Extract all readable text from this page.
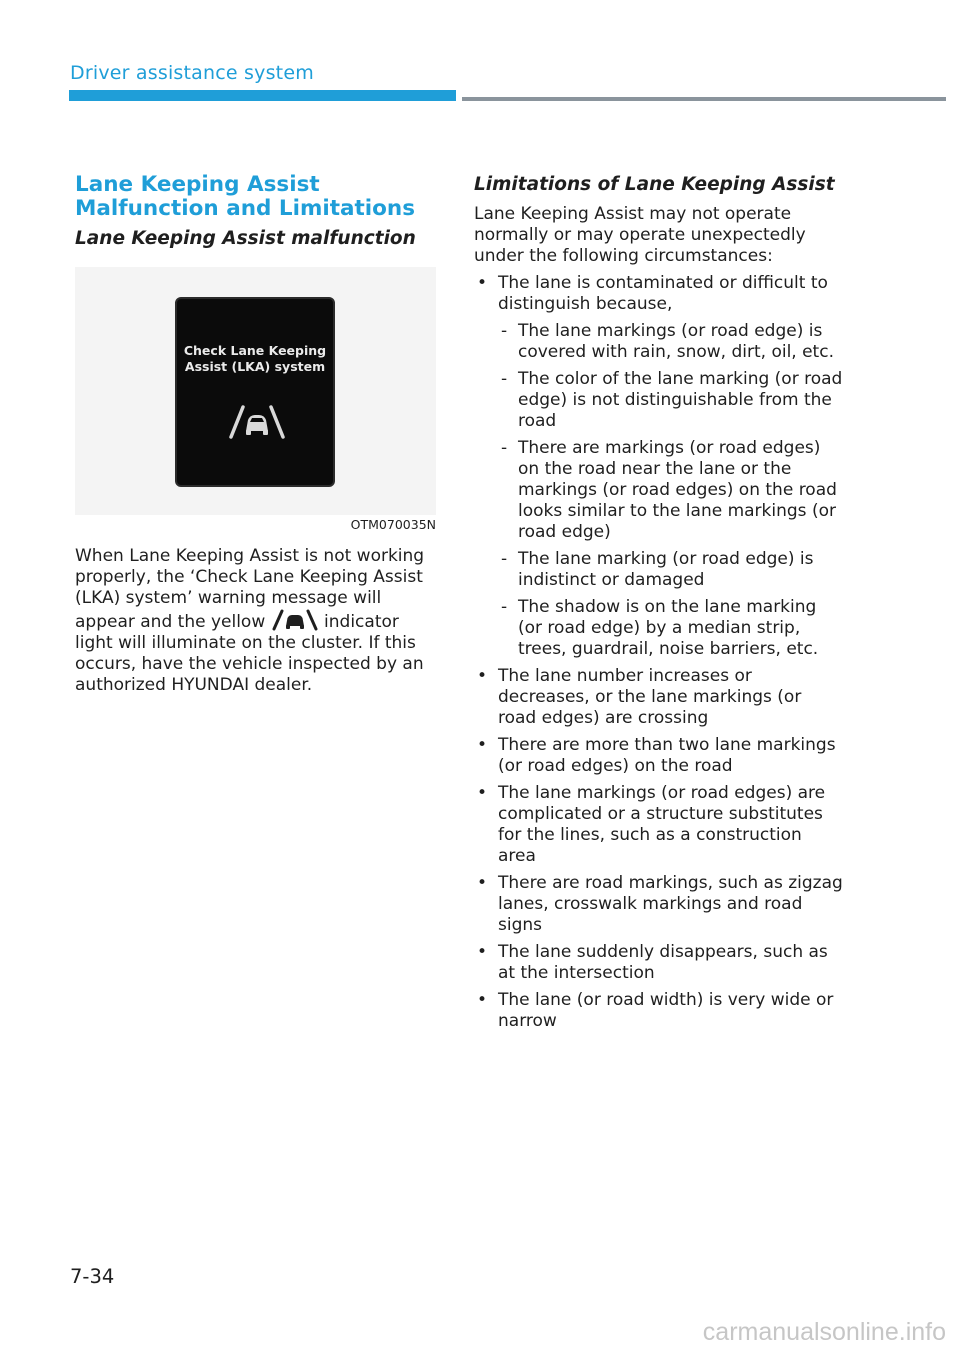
Driver assistance system
Lane Keeping Assist Malfunction and Limitations
Lane Keeping Assist malfunction
Check Lane Keeping
Assist (LKA) system
OTM070035N

When Lane Keeping Assist is not working properly, the ‘Check Lane Keeping Assist (LKA) system’ warning message will appear and the yellow	indicator light will illuminate on the cluster. If this occurs, have the vehicle inspected by an authorized HYUNDAI dealer.

Limitations of Lane Keeping Assist

Lane Keeping Assist may not operate normally or may operate unexpectedly under the following circumstances:

• The lane is contaminated or difficult to distinguish because,
- The lane markings (or road edge) is covered with rain, snow, dirt, oil, etc.
- The color of the lane marking (or road edge) is not distinguishable from the road
- There are markings (or road edges) on the road near the lane or the markings (or road edges) on the road looks similar to the lane markings (or road edge)
- The lane marking (or road edge) is indistinct or damaged
- The shadow is on the lane marking (or road edge) by a median strip, trees, guardrail, noise barriers, etc.
• The lane number increases or decreases, or the lane markings (or road edges) are crossing
• There are more than two lane markings (or road edges) on the road
• The lane markings (or road edges) are complicated or a structure substitutes for the lines, such as a construction area
• There are road markings, such as zigzag lanes, crosswalk markings and road signs
• The lane suddenly disappears, such as at the intersection
• The lane (or road width) is very wide or narrow
7-34
carmanualsonline.info
